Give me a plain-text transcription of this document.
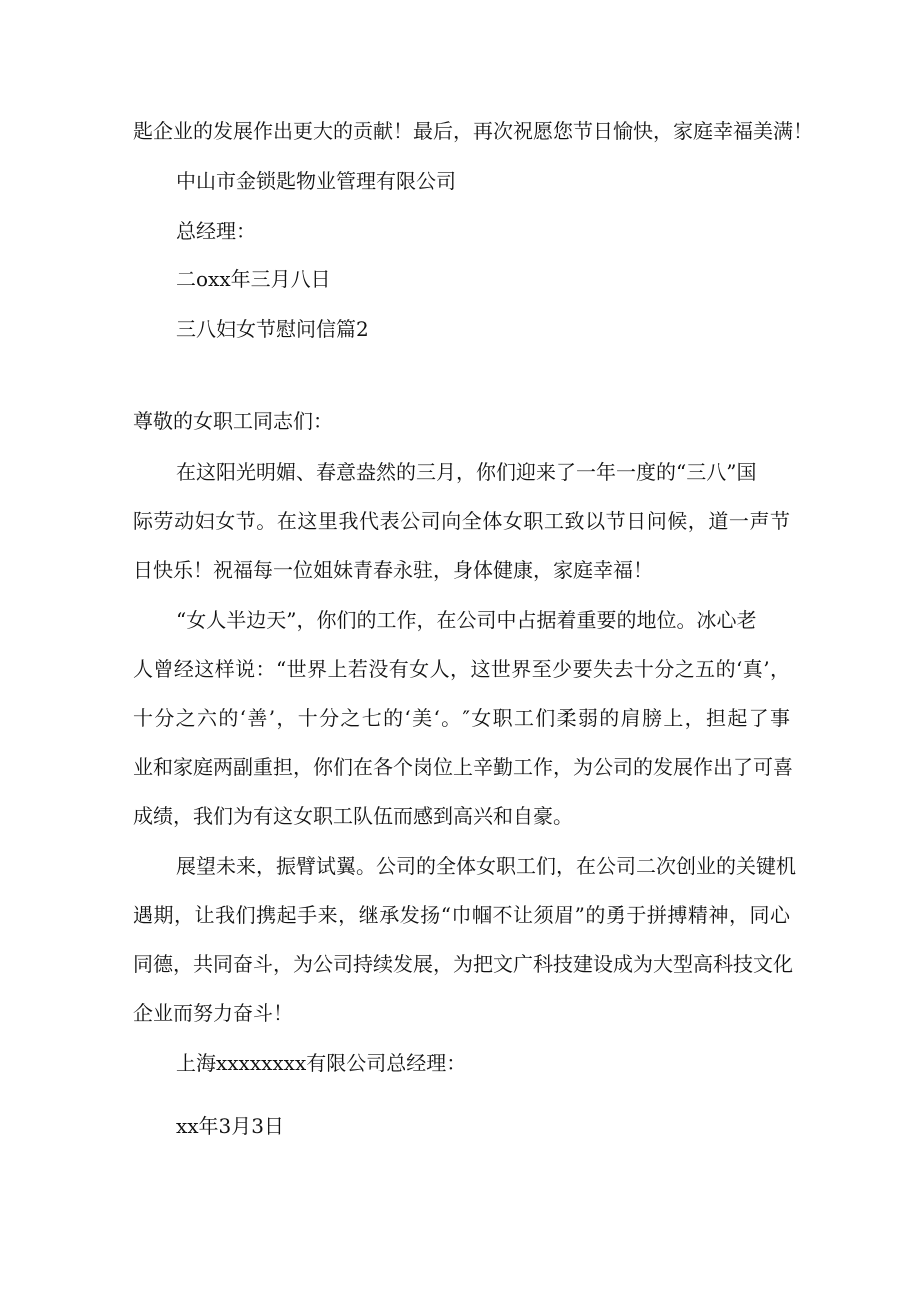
匙企业的发展作出更大的贡献！最后，再次祝愿您节日愉快，家庭幸福美满！

中山市金锁匙物业管理有限公司

总经理：

二oxx年三月八日

三八妇女节慰问信篇2

尊敬的女职工同志们：

在这阳光明媚、春意盎然的三月，你们迎来了一年一度的“三八”国

际劳动妇女节。在这里我代表公司向全体女职工致以节日问候，道一声节

日快乐！祝福每一位姐妹青春永驻，身体健康，家庭幸福！

“女人半边天”，你们的工作，在公司中占据着重要的地位。冰心老

人曾经这样说：“世界上若没有女人，这世界至少要失去十分之五的‘真’，

十分之六的‘善’，十分之七的‘美‘。″女职工们柔弱的肩膀上，担起了事

业和家庭两副重担，你们在各个岗位上辛勤工作，为公司的发展作出了可喜

成绩，我们为有这女职工队伍而感到高兴和自豪。

展望未来，振臂试翼。公司的全体女职工们，在公司二次创业的关键机

遇期，让我们携起手来，继承发扬“巾帼不让须眉”的勇于拼搏精神，同心

同德，共同奋斗，为公司持续发展，为把文广科技建设成为大型高科技文化

企业而努力奋斗！

上海xxxxxxxx有限公司总经理：

xx年3月3日
